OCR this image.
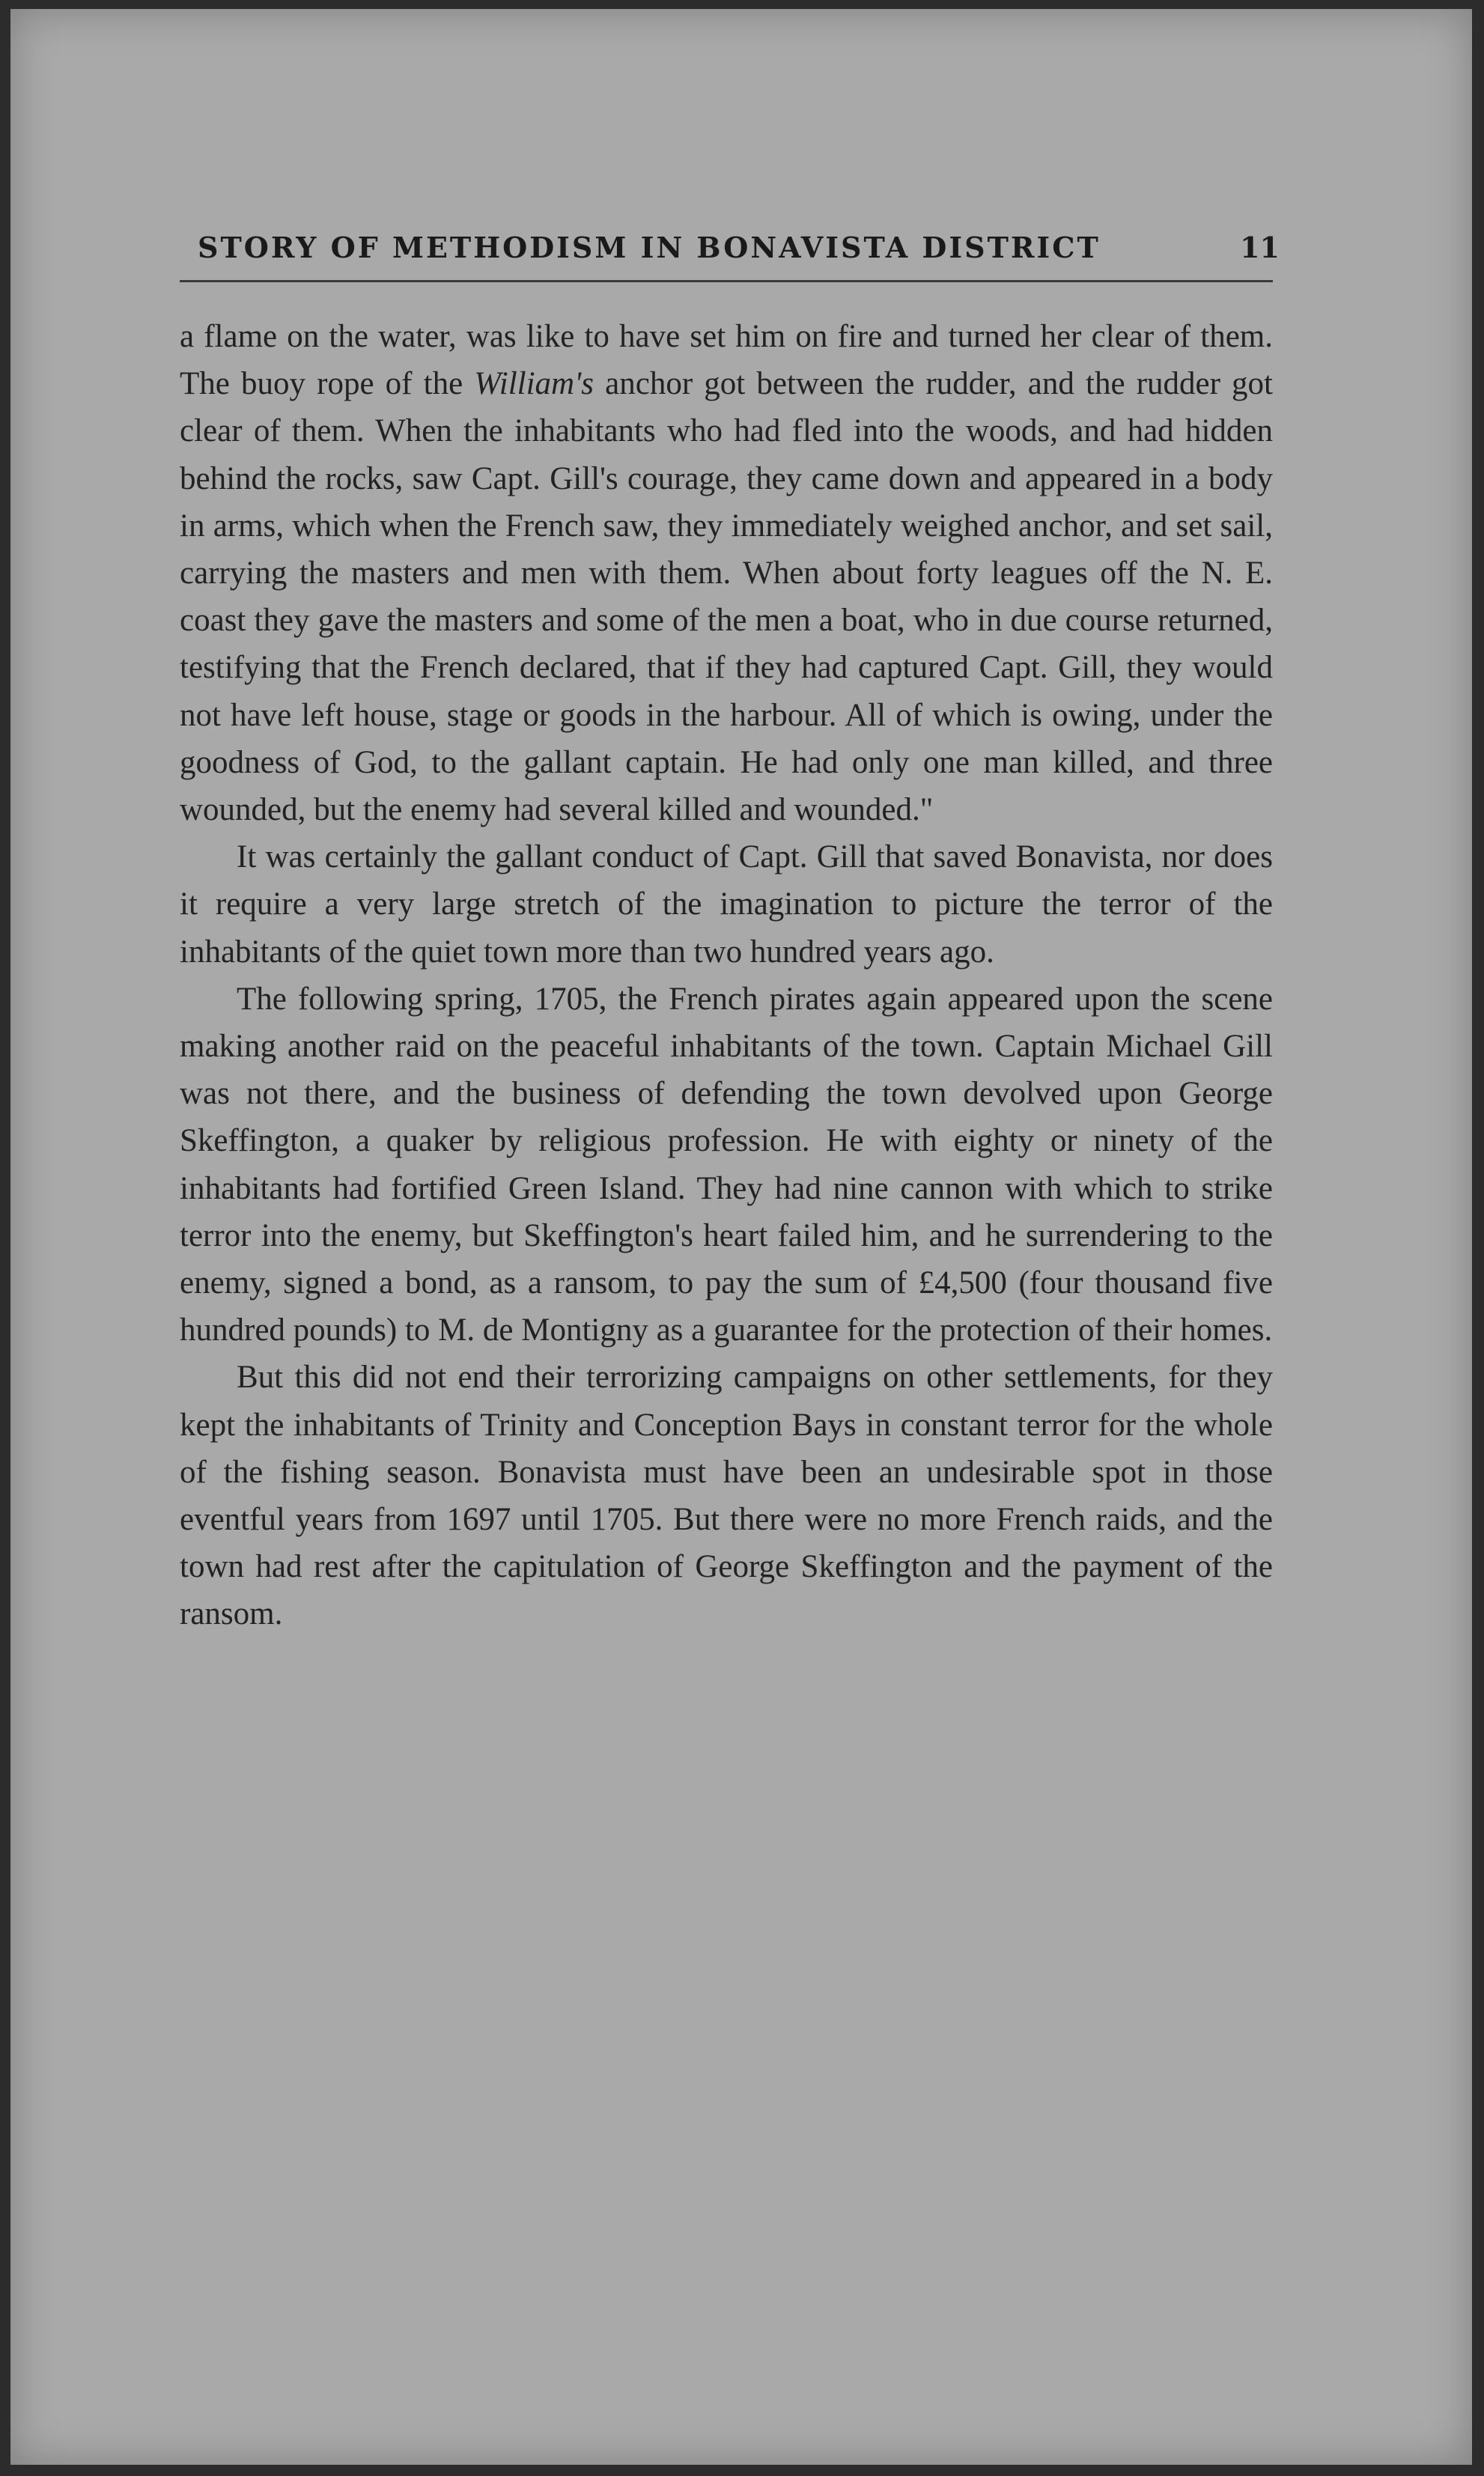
STORY OF METHODISM IN BONAVISTA DISTRICT	11

a flame on the water, was like to have set him on fire and turned her clear of them. The buoy rope of the William's anchor got between the rudder, and the rudder got clear of them. When the inhabitants who had fled into the woods, and had hidden behind the rocks, saw Capt. Gill's courage, they came down and appeared in a body in arms, which when the French saw, they immediately weighed anchor, and set sail, carrying the masters and men with them. When about forty leagues off the N. E. coast they gave the masters and some of the men a boat, who in due course returned, testifying that the French declared, that if they had captured Capt. Gill, they would not have left house, stage or goods in the harbour. All of which is owing, under the goodness of God, to the gallant captain. He had only one man killed, and three wounded, but the enemy had several killed and wounded."

It was certainly the gallant conduct of Capt. Gill that saved Bonavista, nor does it require a very large stretch of the imagination to picture the terror of the inhabitants of the quiet town more than two hundred years ago.

The following spring, 1705, the French pirates again appeared upon the scene making another raid on the peaceful inhabitants of the town. Captain Michael Gill was not there, and the business of defending the town devolved upon George Skeffington, a quaker by religious profession. He with eighty or ninety of the inhabitants had fortified Green Island. They had nine cannon with which to strike terror into the enemy, but Skeffington's heart failed him, and he surrendering to the enemy, signed a bond, as a ransom, to pay the sum of £4,500 (four thousand five hundred pounds) to M. de Montigny as a guarantee for the protection of their homes.

But this did not end their terrorizing campaigns on other settlements, for they kept the inhabitants of Trinity and Conception Bays in constant terror for the whole of the fishing season. Bonavista must have been an undesirable spot in those eventful years from 1697 until 1705. But there were no more French raids, and the town had rest after the capitulation of George Skeffington and the payment of the ransom.
